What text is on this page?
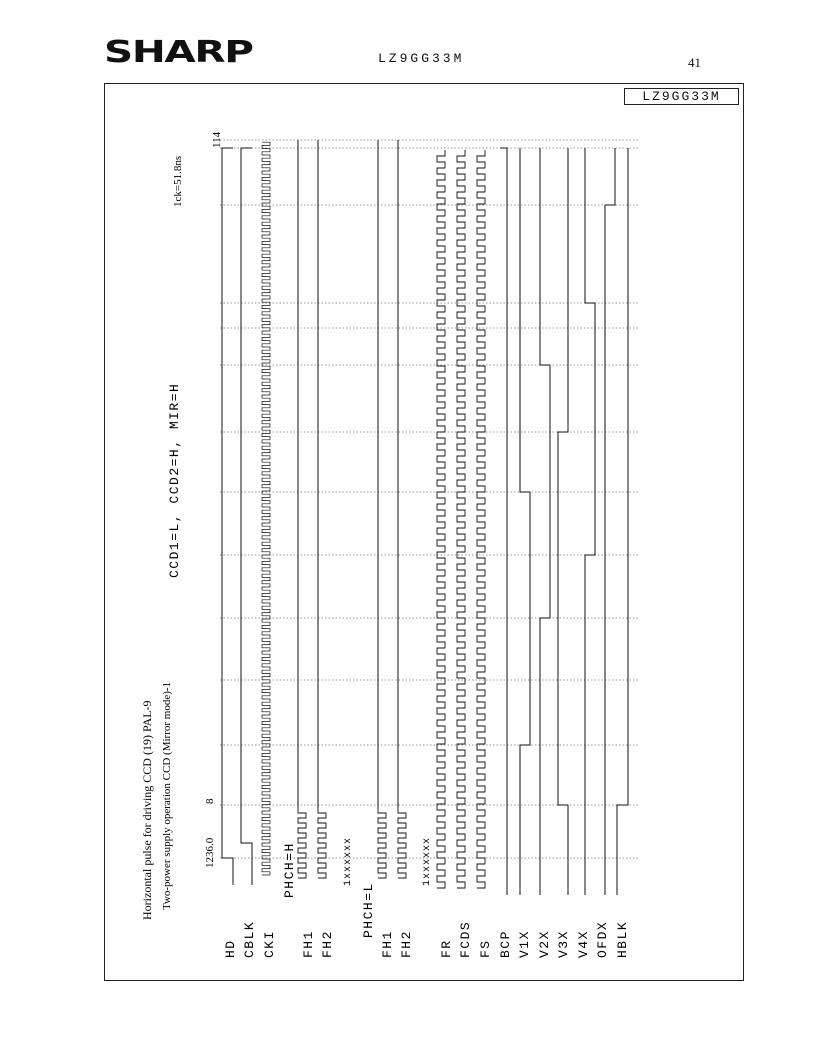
SHARP	LZ9GG33M	41
LZ9GG33M
Horizontal pulse for driving CCD (19) PAL-9 Two-power supply operation CCD (Mirror mode)-1
CCD1=L, CCD2=H, MIR=H
1ck=51.8ns
1236.0
8
114
1xxxxxx	1xxxxxx
HD CBLK CKI
PHCH=H
FH1 FH2
PHCH=L
FH1 FH2 FR FCDS FS BCP V1X V2X V3X V4X OFDX HBLK
